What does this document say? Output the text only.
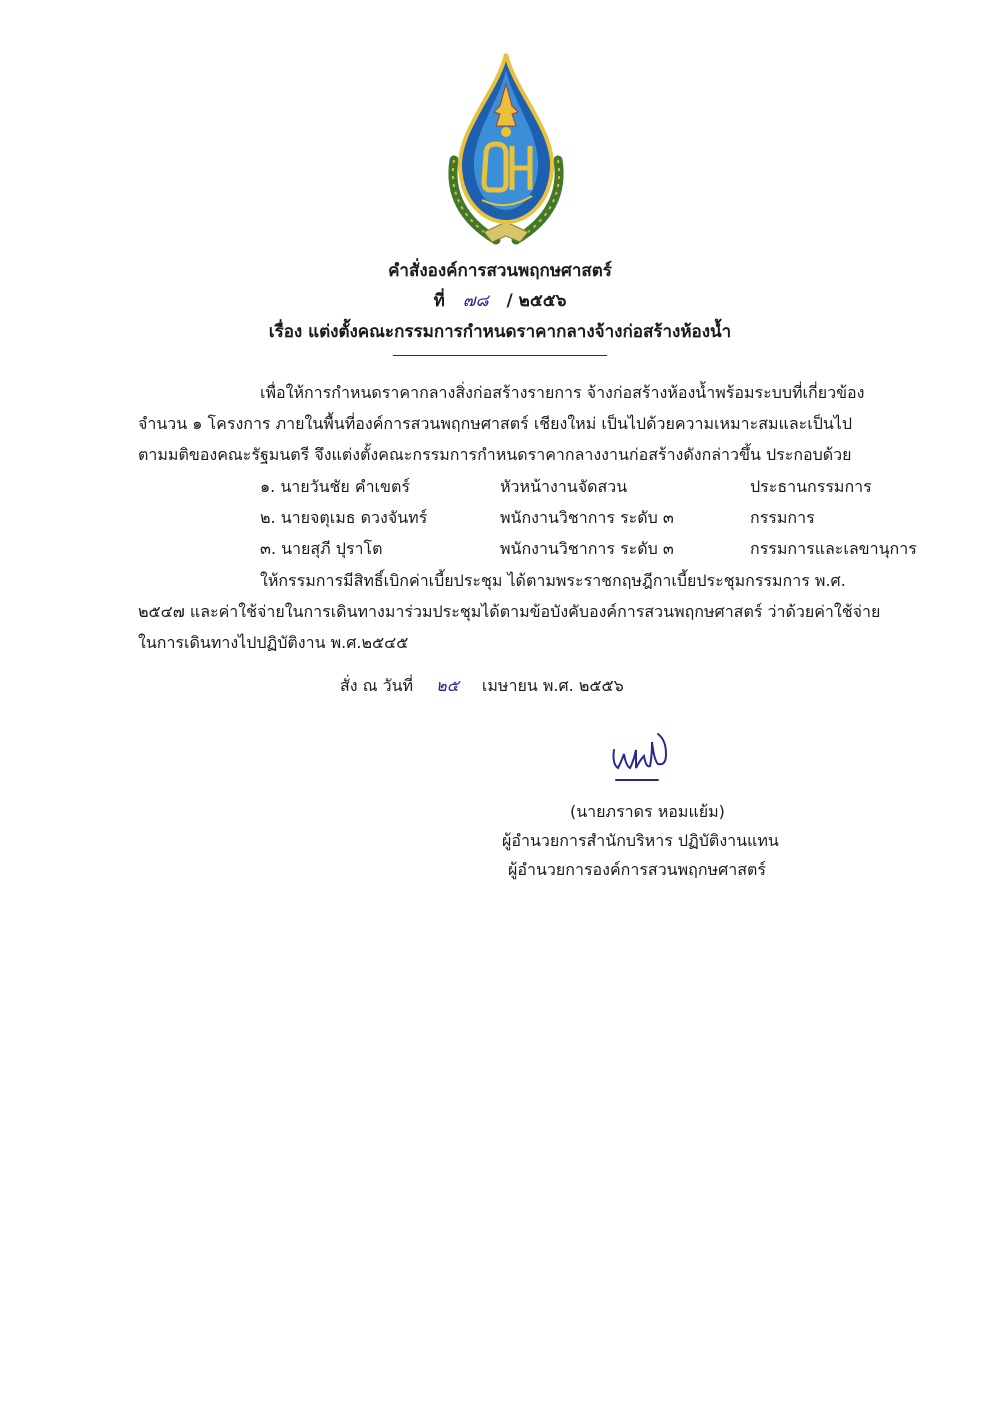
คำสั่งองค์การสวนพฤกษศาสตร์
ที่ ๗๘ / ๒๕๕๖
เรื่อง แต่งตั้งคณะกรรมการกำหนดราคากลางจ้างก่อสร้างห้องน้ำ
เพื่อให้การกำหนดราคากลางสิ่งก่อสร้างรายการ จ้างก่อสร้างห้องน้ำพร้อมระบบที่เกี่ยวข้อง
จำนวน ๑ โครงการ ภายในพื้นที่องค์การสวนพฤกษศาสตร์ เชียงใหม่ เป็นไปด้วยความเหมาะสมและเป็นไป
ตามมติของคณะรัฐมนตรี จึงแต่งตั้งคณะกรรมการกำหนดราคากลางงานก่อสร้างดังกล่าวขึ้น ประกอบด้วย
๑. นายวันชัย คำเขตร์	หัวหน้างานจัดสวน	ประธานกรรมการ
๒. นายจตุเมธ ดวงจันทร์	พนักงานวิชาการ ระดับ ๓	กรรมการ
๓. นายสุภี ปุราโต	พนักงานวิชาการ ระดับ ๓	กรรมการและเลขานุการ
ให้กรรมการมีสิทธิ์เบิกค่าเบี้ยประชุม ได้ตามพระราชกฤษฎีกาเบี้ยประชุมกรรมการ พ.ศ.
๒๕๔๗ และค่าใช้จ่ายในการเดินทางมาร่วมประชุมได้ตามข้อบังคับองค์การสวนพฤกษศาสตร์ ว่าด้วยค่าใช้จ่าย
ในการเดินทางไปปฏิบัติงาน พ.ศ.๒๕๔๕
สั่ง ณ วันที่ ๒๕ เมษายน พ.ศ. ๒๕๕๖
(นายภราดร หอมแย้ม)
ผู้อำนวยการสำนักบริหาร ปฏิบัติงานแทน
ผู้อำนวยการองค์การสวนพฤกษศาสตร์
